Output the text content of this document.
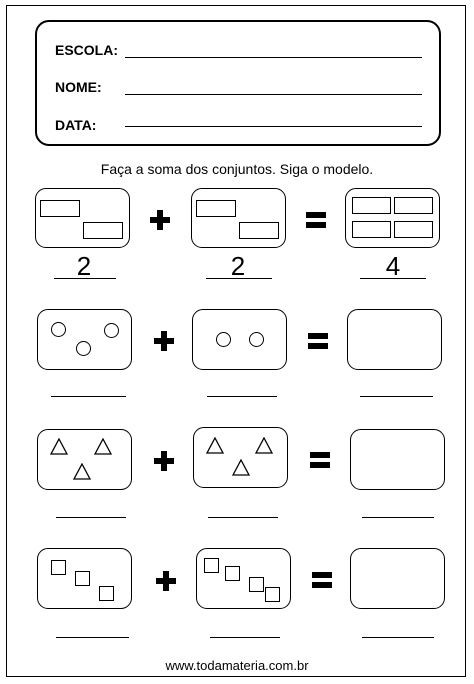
ESCOLA:
NOME:
DATA:
Faça a soma dos conjuntos. Siga o modelo.
2	2	4
www.todamateria.com.br
